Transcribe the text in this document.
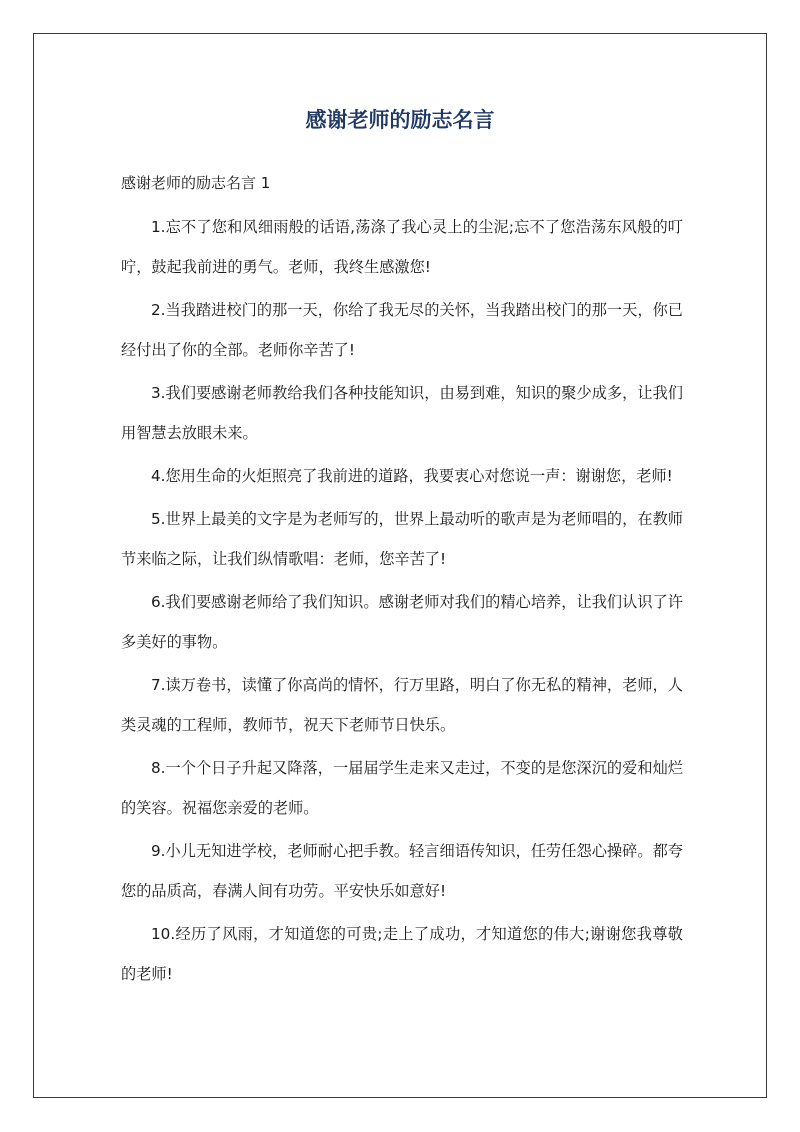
感谢老师的励志名言
感谢老师的励志名言 1

1.忘不了您和风细雨般的话语,荡涤了我心灵上的尘泥;忘不了您浩荡东风般的叮咛，鼓起我前进的勇气。老师，我终生感激您!

2.当我踏进校门的那一天，你给了我无尽的关怀，当我踏出校门的那一天，你已经付出了你的全部。老师你辛苦了!

3.我们要感谢老师教给我们各种技能知识，由易到难，知识的聚少成多，让我们用智慧去放眼未来。

4.您用生命的火炬照亮了我前进的道路，我要衷心对您说一声：谢谢您，老师!

5.世界上最美的文字是为老师写的，世界上最动听的歌声是为老师唱的，在教师节来临之际，让我们纵情歌唱：老师，您辛苦了!

6.我们要感谢老师给了我们知识。感谢老师对我们的精心培养，让我们认识了许多美好的事物。

7.读万卷书，读懂了你高尚的情怀，行万里路，明白了你无私的精神，老师，人类灵魂的工程师，教师节，祝天下老师节日快乐。

8.一个个日子升起又降落，一届届学生走来又走过，不变的是您深沉的爱和灿烂的笑容。祝福您亲爱的老师。

9.小儿无知进学校，老师耐心把手教。轻言细语传知识，任劳任怨心操碎。都夸您的品质高，春满人间有功劳。平安快乐如意好!

10.经历了风雨，才知道您的可贵;走上了成功，才知道您的伟大;谢谢您我尊敬的老师!
